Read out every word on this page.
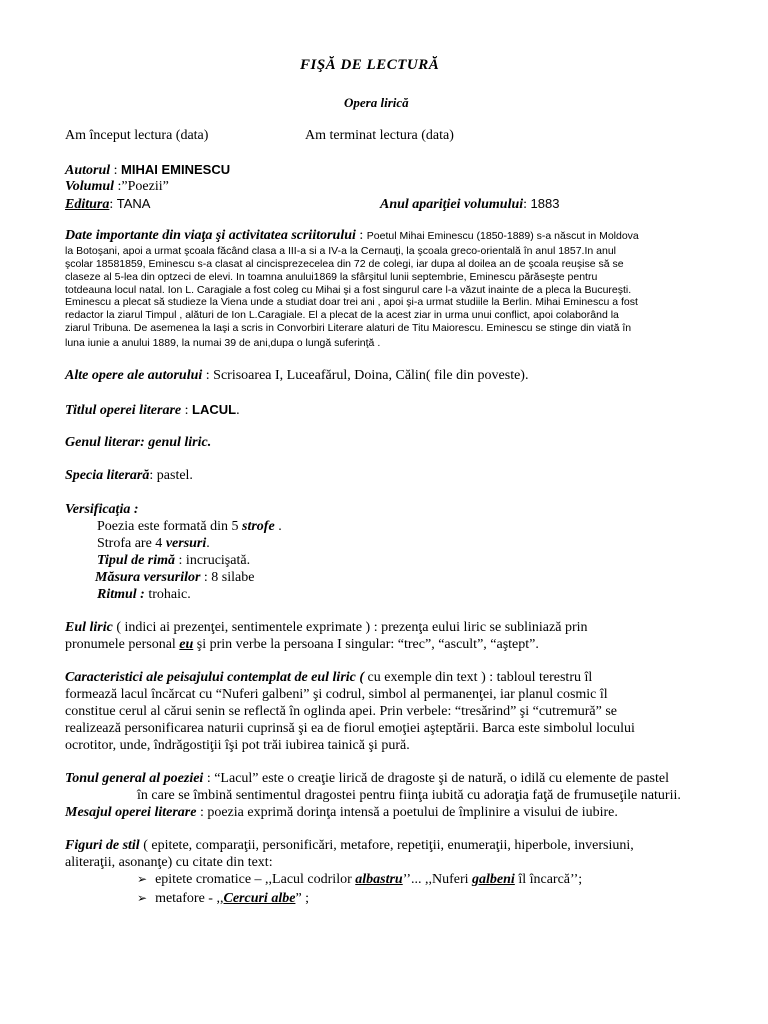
FIŞĂ DE LECTURĂ
Opera lirică
Am început lectura (data)	Am terminat lectura (data)
Autorul : MIHAI EMINESCU
Volumul :”Poezii”
Editura: TANA	Anul apariţiei volumului: 1883
Date importante din viaţa şi activitatea scriitorului : Poetul Mihai Eminescu (1850-1889) s-a născut in Moldova
la Botoşani, apoi a urmat şcoala făcând clasa a III-a si a IV-a la Cernauţi, la şcoala greco-orientală în anul 1857.In anul
şcolar 18581859, Eminescu s-a clasat al cincisprezecelea din 72 de colegi, iar dupa al doilea an de şcoala reuşise să se
claseze al 5-lea din optzeci de elevi. In toamna anului1869 la sfârşitul lunii septembrie, Eminescu părăseşte pentru
totdeauna locul natal. Ion L. Caragiale a fost coleg cu Mihai şi a fost singurul care l-a văzut inainte de a pleca la Bucureşti.
Eminescu a plecat să studieze la Viena unde a studiat doar trei ani , apoi şi-a urmat studiile la Berlin. Mihai Eminescu a fost
redactor la ziarul Timpul , alături de Ion L.Caragiale. El a plecat de la acest ziar in urma unui conflict, apoi colaborând la
ziarul Tribuna. De asemenea la Iaşi a scris in Convorbiri Literare alaturi de Titu Maiorescu. Eminescu se stinge din viată în
luna iunie a anului 1889, la numai 39 de ani,dupa o lungă suferinţă .
Alte opere ale autorului : Scrisoarea I, Luceafărul, Doina, Călin( file din poveste).
Titlul operei literare : LACUL.
Genul literar: genul liric.
Specia literară: pastel.
Versificaţia :
Poezia este formată din 5 strofe .
Strofa are 4 versuri.
Tipul de rimă : incrucişată.
Măsura versurilor : 8 silabe
Ritmul : trohaic.
Eul liric ( indici ai prezenţei, sentimentele exprimate ) : prezenţa eului liric se subliniază prin
pronumele personal eu şi prin verbe la persoana I singular: “trec”, “ascult”, “aştept”.
Caracteristici ale peisajului contemplat de eul liric ( cu exemple din text ) : tabloul terestru îl
formează lacul încărcat cu “Nuferi galbeni” şi codrul, simbol al permanenţei, iar planul cosmic îl
constitue cerul al cărui senin se reflectă în oglinda apei. Prin verbele: “tresărind” şi “cutremură” se
realizează personificarea naturii cuprinsă şi ea de fiorul emoţiei aşteptării. Barca este simbolul locului
ocrotitor, unde, îndrăgostiţii îşi pot trăi iubirea tainică şi pură.
Tonul general al poeziei : “Lacul” este o creaţie lirică de dragoste şi de natură, o idilă cu elemente de pastel
în care se îmbină sentimentul dragostei pentru fiinţa iubită cu adoraţia faţă de frumuseţile naturii.
Mesajul operei literare : poezia exprimă dorinţa intensă a poetului de împlinire a visului de iubire.
Figuri de stil ( epitete, comparaţii, personificări, metafore, repetiţii, enumeraţii, hiperbole, inversiuni,
aliteraţii, asonanţe) cu citate din text:
➢ epitete cromatice – ,,Lacul codrilor albastru’’... ,,Nuferi galbeni îl încarcă’’;
➢ metafore - ,,Cercuri albe” ;
